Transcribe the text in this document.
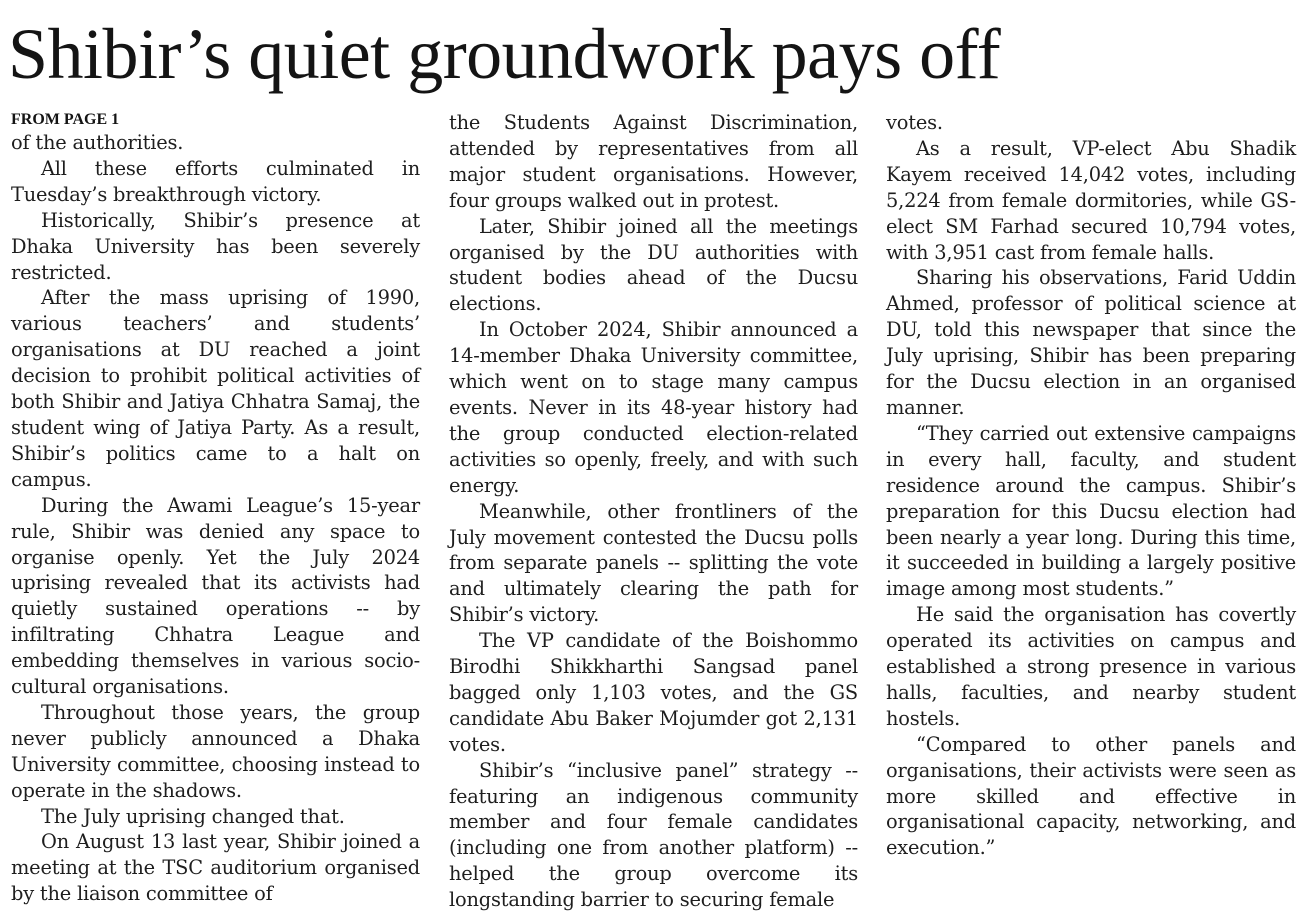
Shibir’s quiet groundwork pays off
FROM PAGE 1

of the authorities.

All these efforts culminated in Tuesday’s breakthrough victory.

Historically, Shibir’s presence at Dhaka University has been severely restricted.

After the mass uprising of 1990, various teachers’ and students’ organisations at DU reached a joint decision to prohibit political activities of both Shibir and Jatiya Chhatra Samaj, the student wing of Jatiya Party. As a result, Shibir’s politics came to a halt on campus.

During the Awami League’s 15-year rule, Shibir was denied any space to organise openly. Yet the July 2024 uprising revealed that its activists had quietly sustained operations -- by infiltrating Chhatra League and embedding themselves in various socio-cultural organisations.

Throughout those years, the group never publicly announced a Dhaka University committee, choosing instead to operate in the shadows.

The July uprising changed that.

On August 13 last year, Shibir joined a meeting at the TSC auditorium organised by the liaison committee of

the Students Against Discrimination, attended by representatives from all major student organisations. However, four groups walked out in protest.

Later, Shibir joined all the meetings organised by the DU authorities with student bodies ahead of the Ducsu elections.

In October 2024, Shibir announced a 14-member Dhaka University committee, which went on to stage many campus events. Never in its 48-year history had the group conducted election-related activities so openly, freely, and with such energy.

Meanwhile, other frontliners of the July movement contested the Ducsu polls from separate panels -- splitting the vote and ultimately clearing the path for Shibir’s victory.

The VP candidate of the Boishommo Birodhi Shikkharthi Sangsad panel bagged only 1,103 votes, and the GS candidate Abu Baker Mojumder got 2,131 votes.

Shibir’s “inclusive panel” strategy -- featuring an indigenous community member and four female candidates (including one from another platform) -- helped the group overcome its longstanding barrier to securing female

votes.

As a result, VP-elect Abu Shadik Kayem received 14,042 votes, including 5,224 from female dormitories, while GS-elect SM Farhad secured 10,794 votes, with 3,951 cast from female halls.

Sharing his observations, Farid Uddin Ahmed, professor of political science at DU, told this newspaper that since the July uprising, Shibir has been preparing for the Ducsu election in an organised manner.

“They carried out extensive campaigns in every hall, faculty, and student residence around the campus. Shibir’s preparation for this Ducsu election had been nearly a year long. During this time, it succeeded in building a largely positive image among most students.”

He said the organisation has covertly operated its activities on campus and established a strong presence in various halls, faculties, and nearby student hostels.

“Compared to other panels and organisations, their activists were seen as more skilled and effective in organisational capacity, networking, and execution.”
